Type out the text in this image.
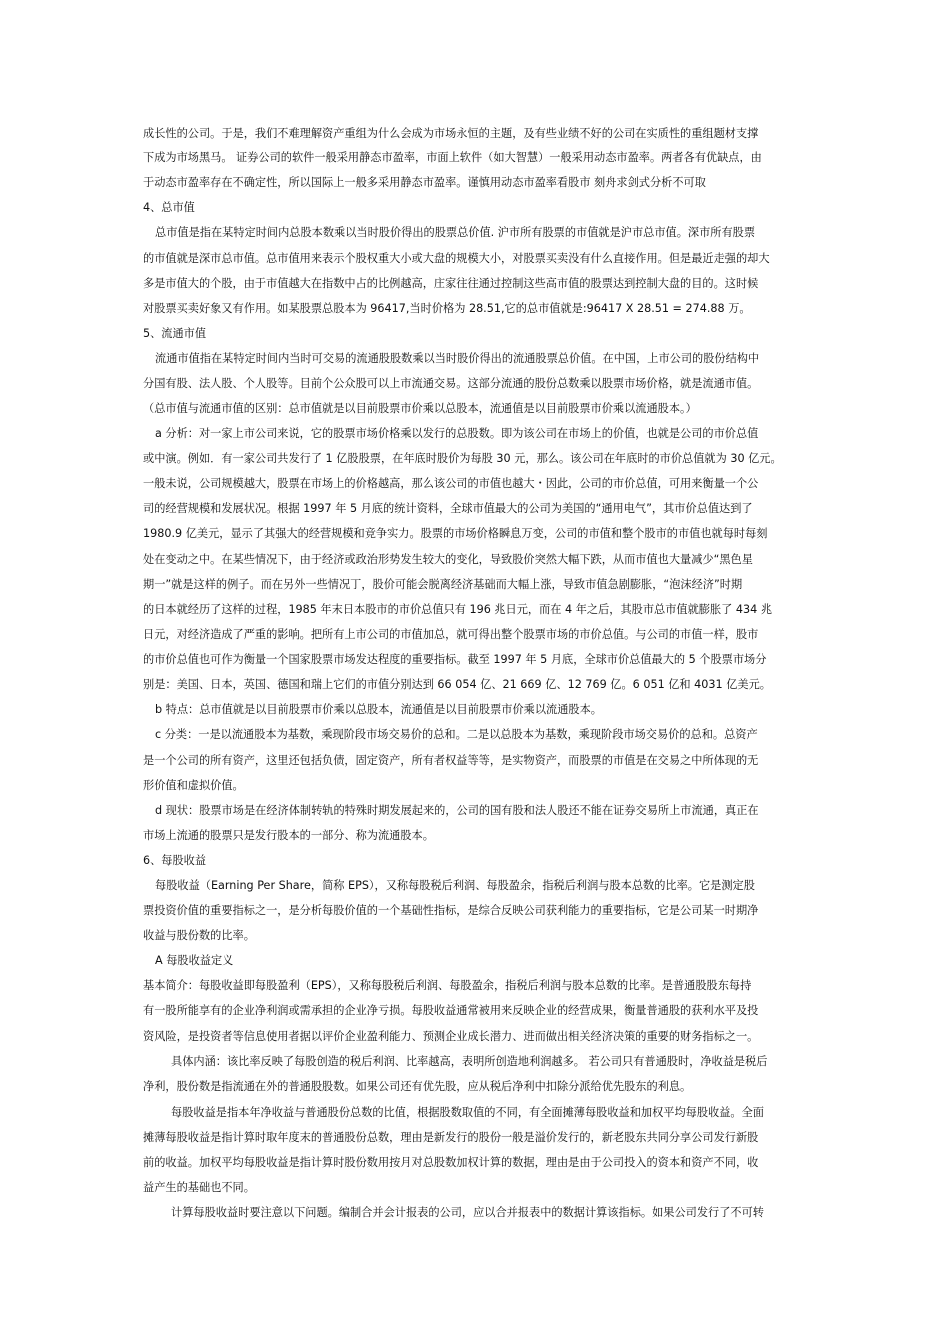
成长性的公司。于是，我们不难理解资产重组为什么会成为市场永恒的主题，及有些业绩不好的公司在实质性的重组题材支撑
下成为市场黑马。 证券公司的软件一般采用静态市盈率，市面上软件（如大智慧）一般采用动态市盈率。两者各有优缺点，由
于动态市盈率存在不确定性，所以国际上一般多采用静态市盈率。谨慎用动态市盈率看股市 刻舟求剑式分析不可取
4、总市值
总市值是指在某特定时间内总股本数乘以当时股价得出的股票总价值. 沪市所有股票的市值就是沪市总市值。深市所有股票
的市值就是深市总市值。总市值用来表示个股权重大小或大盘的规模大小，对股票买卖没有什么直接作用。但是最近走强的却大
多是市值大的个股，由于市值越大在指数中占的比例越高，庄家往往通过控制这些高市值的股票达到控制大盘的目的。这时候
对股票买卖好象又有作用。如某股票总股本为 96417,当时价格为 28.51,它的总市值就是:96417 X 28.51 = 274.88 万。
5、流通市值
流通市值指在某特定时间内当时可交易的流通股股数乘以当时股价得出的流通股票总价值。在中国，上市公司的股份结构中
分国有股、法人股、个人股等。目前个公众股可以上市流通交易。这部分流通的股份总数乘以股票市场价格，就是流通市值。
（总市值与流通市值的区别：总市值就是以目前股票市价乘以总股本，流通值是以目前股票市价乘以流通股本。）
a 分析：对一家上市公司来说，它的股票市场价格乘以发行的总股数。即为该公司在市场上的价值，也就是公司的市价总值
或中演。例如．有一家公司共发行了 1 亿股股票，在年底时股价为每股 30 元，那么。该公司在年底时的市价总值就为 30 亿元。
一般未说，公司规模越大，股票在市场上的价格越高，那么该公司的市值也越大・因此，公司的市价总值，可用来衡量一个公
司的经营规模和发展状况。根据 1997 年 5 月底的统计资料，全球市值最大的公司为美国的“通用电气”，其市价总值达到了
1980.9 亿美元，显示了其强大的经营规模和竞争实力。股票的市场价格瞬息万变，公司的市值和整个股市的市值也就每时每刻
处在变动之中。在某些情况下，由于经济或政治形势发生较大的变化，导致股价突然大幅下跌，从而市值也大量减少“黑色星
期一”就是这样的例子。而在另外一些情况丁，股价可能会脱离经济基础而大幅上涨，导致市值急剧膨胀，“泡沫经济”时期
的日本就经历了这样的过程，1985 年末日本股市的市价总值只有 196 兆日元，而在 4 年之后，其股市总市值就膨胀了 434 兆
日元，对经济造成了严重的影响。把所有上市公司的市值加总，就可得出整个股票市场的市价总值。与公司的市值一样，股市
的市价总值也可作为衡量一个国家股票市场发达程度的重要指标。截至 1997 年 5 月底，全球市价总值最大的 5 个股票市场分
别是：美国、日本，英国、德国和瑞上它们的市值分别达到 66 054 亿、21 669 亿、12 769 亿。6 051 亿和 4031 亿美元。
b 特点：总市值就是以目前股票市价乘以总股本，流通值是以目前股票市价乘以流通股本。
c 分类：一是以流通股本为基数，乘现阶段市场交易价的总和。二是以总股本为基数，乘现阶段市场交易价的总和。总资产
是一个公司的所有资产，这里还包括负债，固定资产，所有者权益等等，是实物资产，而股票的市值是在交易之中所体现的无
形价值和虚拟价值。
d 现状：股票市场是在经济体制转轨的特殊时期发展起来的，公司的国有股和法人股还不能在证券交易所上市流通，真正在
市场上流通的股票只是发行股本的一部分、称为流通股本。
6、每股收益
每股收益（Earning Per Share，简称 EPS），又称每股税后利润、每股盈余，指税后利润与股本总数的比率。它是测定股
票投资价值的重要指标之一，是分析每股价值的一个基础性指标，是综合反映公司获利能力的重要指标，它是公司某一时期净
收益与股份数的比率。
A 每股收益定义
基本简介：每股收益即每股盈利（EPS），又称每股税后利润、每股盈余，指税后利润与股本总数的比率。是普通股股东每持
有一股所能享有的企业净利润或需承担的企业净亏损。每股收益通常被用来反映企业的经营成果，衡量普通股的获利水平及投
资风险，是投资者等信息使用者据以评价企业盈利能力、预测企业成长潜力、进而做出相关经济决策的重要的财务指标之一。
具体内涵：该比率反映了每股创造的税后利润、比率越高，表明所创造地利润越多。 若公司只有普通股时，净收益是税后
净利，股份数是指流通在外的普通股股数。如果公司还有优先股，应从税后净利中扣除分派给优先股东的利息。
每股收益是指本年净收益与普通股份总数的比值，根据股数取值的不同，有全面摊薄每股收益和加权平均每股收益。全面
摊薄每股收益是指计算时取年度末的普通股份总数，理由是新发行的股份一般是溢价发行的，新老股东共同分享公司发行新股
前的收益。加权平均每股收益是指计算时股份数用按月对总股数加权计算的数据，理由是由于公司投入的资本和资产不同，收
益产生的基础也不同。
计算每股收益时要注意以下问题。编制合并会计报表的公司，应以合并报表中的数据计算该指标。如果公司发行了不可转
